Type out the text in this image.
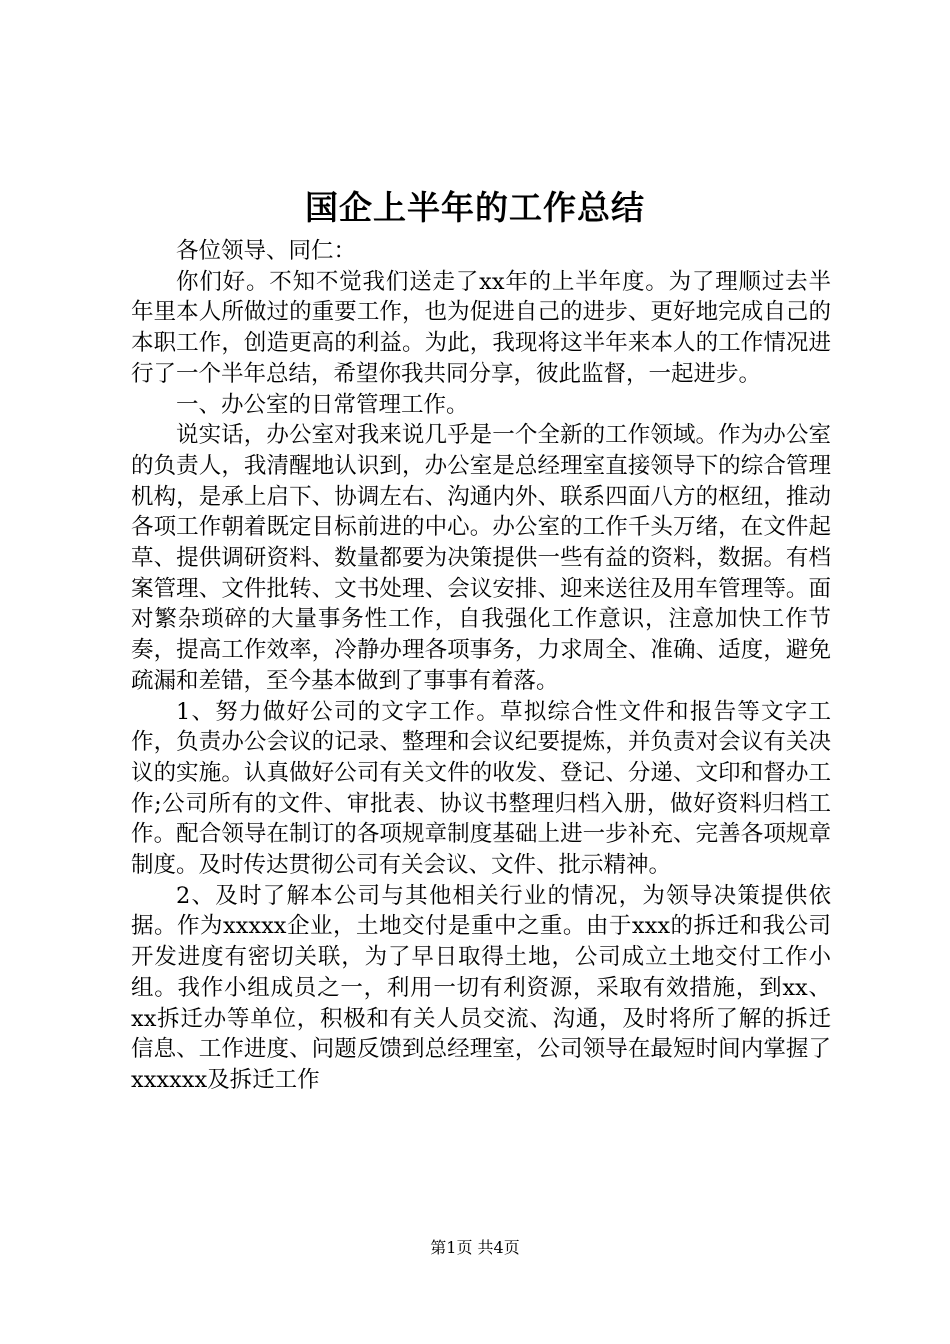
国企上半年的工作总结

各位领导、同仁：

你们好。不知不觉我们送走了xx年的上半年度。为了理顺过去半年里本人所做过的重要工作，也为促进自己的进步、更好地完成自己的本职工作，创造更高的利益。为此，我现将这半年来本人的工作情况进行了一个半年总结，希望你我共同分享，彼此监督，一起进步。

一、办公室的日常管理工作。

说实话，办公室对我来说几乎是一个全新的工作领域。作为办公室的负责人，我清醒地认识到，办公室是总经理室直接领导下的综合管理机构，是承上启下、协调左右、沟通内外、联系四面八方的枢纽，推动各项工作朝着既定目标前进的中心。办公室的工作千头万绪，在文件起草、提供调研资料、数量都要为决策提供一些有益的资料，数据。有档案管理、文件批转、文书处理、会议安排、迎来送往及用车管理等。面对繁杂琐碎的大量事务性工作，自我强化工作意识，注意加快工作节奏，提高工作效率，冷静办理各项事务，力求周全、准确、适度，避免疏漏和差错，至今基本做到了事事有着落。

1、努力做好公司的文字工作。草拟综合性文件和报告等文字工作，负责办公会议的记录、整理和会议纪要提炼，并负责对会议有关决议的实施。认真做好公司有关文件的收发、登记、分递、文印和督办工作;公司所有的文件、审批表、协议书整理归档入册，做好资料归档工作。配合领导在制订的各项规章制度基础上进一步补充、完善各项规章制度。及时传达贯彻公司有关会议、文件、批示精神。

2、及时了解本公司与其他相关行业的情况，为领导决策提供依据。作为xxxxx企业，土地交付是重中之重。由于xxx的拆迁和我公司开发进度有密切关联，为了早日取得土地，公司成立土地交付工作小组。我作小组成员之一，利用一切有利资源，采取有效措施，到xx、xx拆迁办等单位，积极和有关人员交流、沟通，及时将所了解的拆迁信息、工作进度、问题反馈到总经理室，公司领导在最短时间内掌握了xxxxxx及拆迁工作

第1页 共4页
